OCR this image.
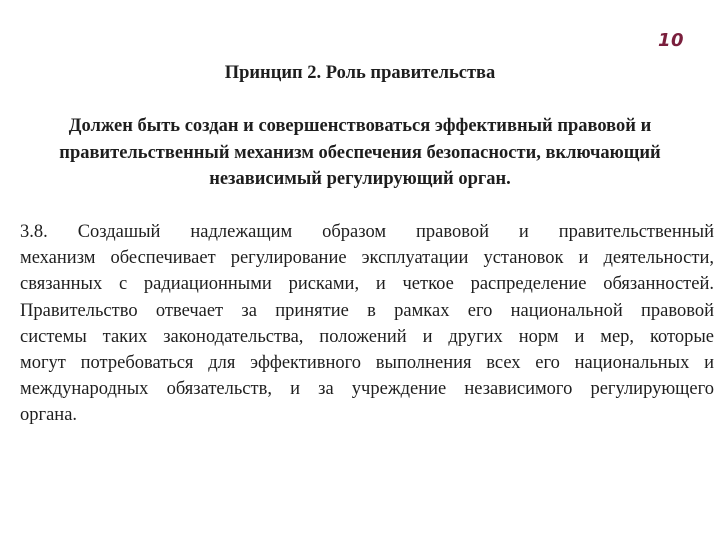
10
Принцип 2. Роль правительства
Должен быть создан и совершенствоваться эффективный правовой и
правительственный механизм обеспечения безопасности, включающий
независимый регулирующий орган.
3.8. Создашый надлежащим образом правовой и правительственный
механизм обеспечивает регулирование эксплуатации установок и деятельности,
связанных с радиационными рисками, и четкое распределение обязанностей.
Правительство отвечает за принятие в рамках его национальной правовой
системы таких законодательства, положений и других норм и мер, которые
могут потребоваться для эффективного выполнения всех его национальных и
международных обязательств, и за учреждение независимого регулирующего
органа.
